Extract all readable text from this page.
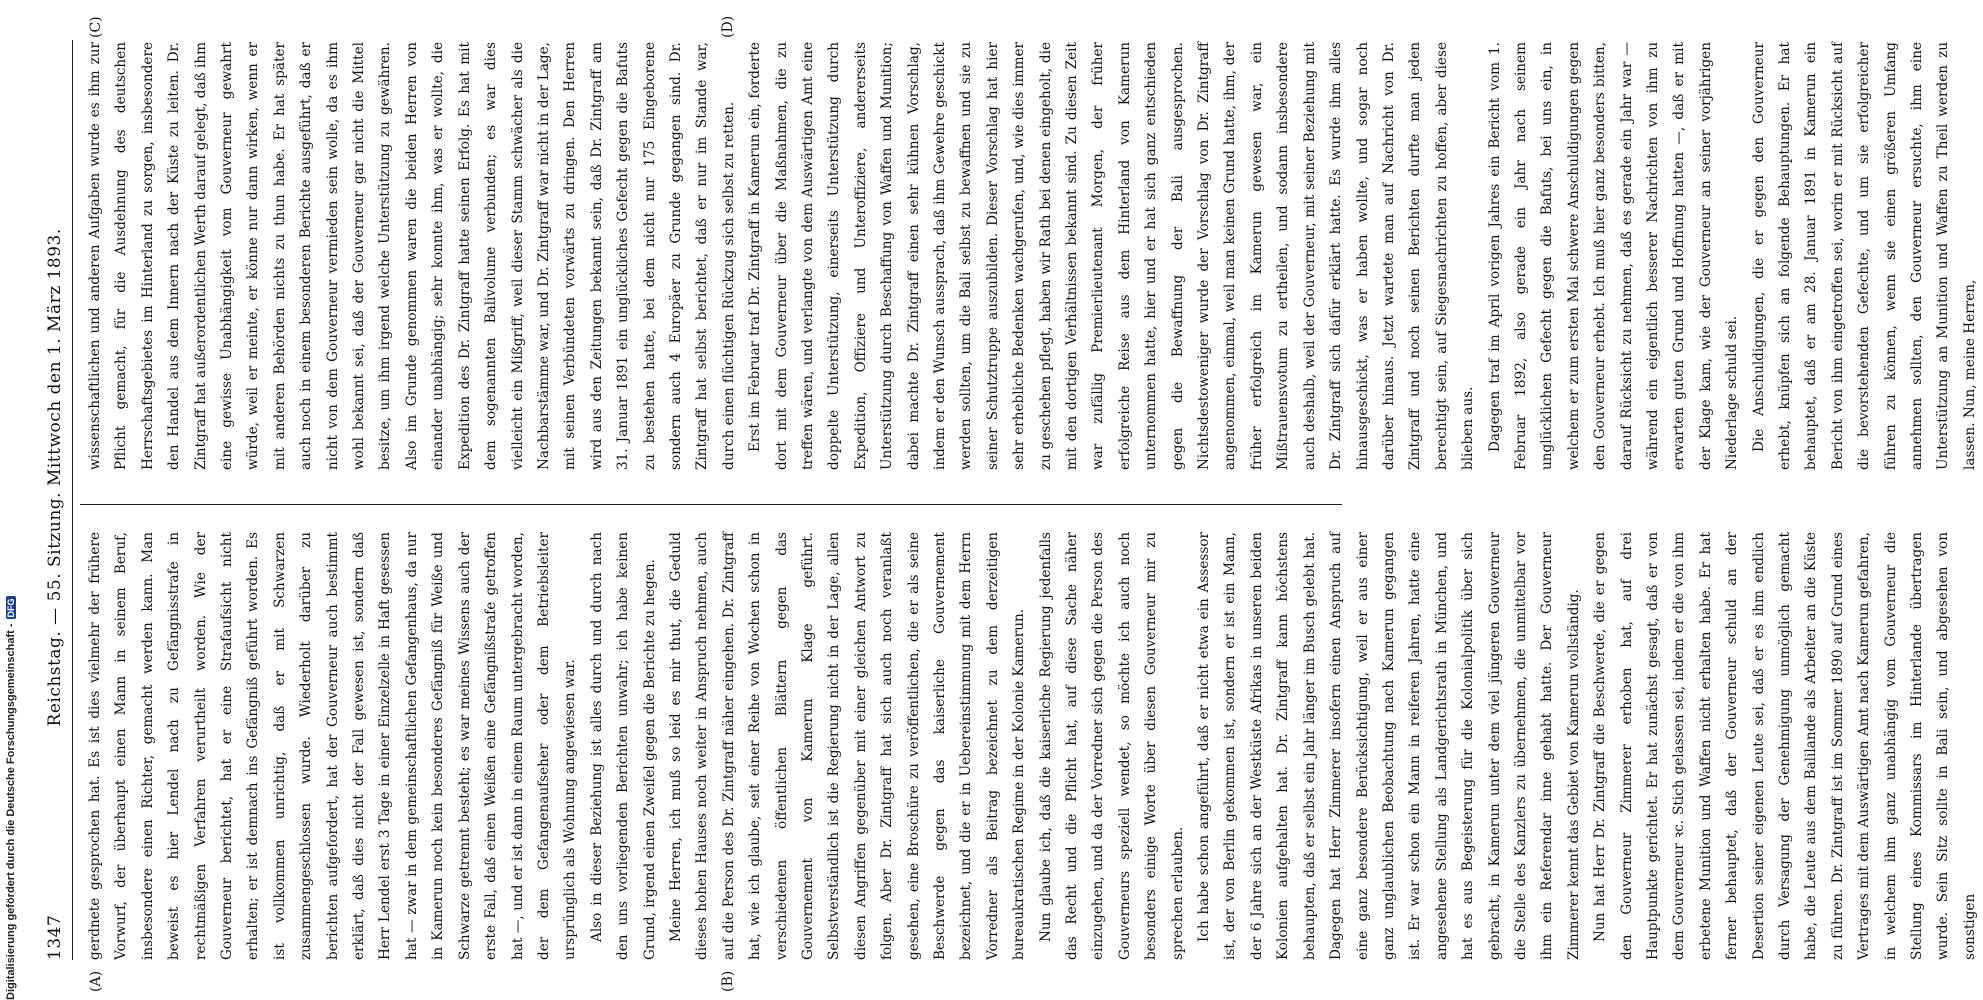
1347
Reichstag. — 55. Sitzung. Mittwoch den 1. März 1893.
(C)	(D)
(A)	(B)

gerdnete gesprochen hat. Es ist dies vielmehr der frühere Vorwurf, der überhaupt einen Mann in seinem Beruf, insbesondere einen Richter, gemacht werden kann. Man beweist es hier Lendel nach zu Gefängnisstrafe in rechtmäßigen Verfahren verurtheilt worden. Wie der Gouverneur berichtet, hat er eine Strafaufsicht nicht erhalten; er ist demnach ins Gefängniß geführt worden. Es ist vollkommen unrichtig, daß er mit Schwarzen zusammengeschlossen wurde. Wiederholt darüber zu berichten aufgefordert, hat der Gouverneur auch bestimmt erklärt, daß dies nicht der Fall gewesen ist, sondern daß Herr Lendel erst 3 Tage in einer Einzelzelle in Haft gesessen hat — zwar in dem gemeinschaftlichen Gefangenhaus, da nur in Kamerun noch kein besonderes Gefängniß für Weiße und Schwarze getrennt besteht; es war meines Wissens auch der erste Fall, daß einen Weißen eine Gefängnißstrafe getroffen hat —, und er ist dann in einem Raum untergebracht worden, der dem Gefangenaufseher oder dem Betriebsleiter ursprünglich als Wohnung angewiesen war. Also in dieser Beziehung ist alles durch und durch nach den uns vorliegenden Berichten unwahr; ich habe keinen Grund, irgend einen Zweifel gegen die Berichte zu hegen. Meine Herren, ich muß so leid es mir thut, die Geduld dieses hohen Hauses noch weiter in Anspruch nehmen, auch auf die Person des Dr. Zintgraff näher eingehen. Dr. Zintgraff hat, wie ich glaube, seit einer Reihe von Wochen schon in verschiedenen öffentlichen Blättern gegen das Gouvernement von Kamerun Klage geführt. Selbstverständlich ist die Regierung nicht in der Lage, allen diesen Angriffen gegenüber mit einer gleichen Antwort zu folgen. Aber Dr. Zintgraff hat sich auch noch veranlaßt gesehen, eine Broschüre zu veröffentlichen, die er als seine Beschwerde gegen das kaiserliche Gouvernement bezeichnet, und die er in Uebereinstimmung mit dem Herrn Vorredner als Beitrag bezeichnet zu dem derzeitigen bureaukratischen Regime in der Kolonie Kamerun. Nun glaube ich, daß die kaiserliche Regierung jedenfalls das Recht und die Pflicht hat, auf diese Sache näher einzugehen, und da der Vorredner sich gegen die Person des Gouverneurs speziell wendet, so möchte ich auch noch besonders einige Worte über diesen Gouverneur mir zu sprechen erlauben. Ich habe schon angeführt, daß er nicht etwa ein Assessor ist, der von Berlin gekommen ist, sondern er ist ein Mann, der 6 Jahre sich an der Westküste Afrikas in unseren beiden Kolonien aufgehalten hat. Dr. Zintgraff kann höchstens behaupten, daß er selbst ein Jahr länger im Busch gelebt hat. Dagegen hat Herr Zimmerer insofern einen Anspruch auf eine ganz besondere Berücksichtigung, weil er aus einer ganz unglaublichen Beobachtung nach Kamerun gegangen ist. Er war schon ein Mann in reiferen Jahren, hatte eine angesehene Stellung als Landgerichtsrath in München, und hat es aus Begeisterung für die Kolonialpolitik über sich gebracht, in Kamerun unter dem viel jüngeren Gouverneur die Stelle des Kanzlers zu übernehmen, die unmittelbar vor ihm ein Referendar inne gehabt hatte. Der Gouverneur Zimmerer kennt das Gebiet von Kamerun vollständig. Nun hat Herr Dr. Zintgraff die Beschwerde, die er gegen den Gouverneur Zimmerer erhoben hat, auf drei Hauptpunkte gerichtet. Er hat zunächst gesagt, daß er von dem Gouverneur ꝛc. Stich gelassen sei, indem er die von ihm erbetene Munition und Waffen nicht erhalten habe. Er hat ferner behauptet, daß der Gouverneur schuld an der Desertion seiner eigenen Leute sei, daß er es ihm endlich durch Versagung der Genehmigung unmöglich gemacht habe, die Leute aus dem Balilande als Arbeiter an die Küste zu führen. Dr. Zintgraff ist im Sommer 1890 auf Grund eines Vertrages mit dem Auswärtigen Amt nach Kamerun gefahren, in welchem ihm ganz unabhängig vom Gouverneur die Stellung eines Kommissars im Hinterlande übertragen wurde. Sein Sitz sollte in Bali sein, und abgesehen von sonstigen

wissenschaftlichen und anderen Aufgaben wurde es ihm zur Pflicht gemacht, für die Ausdehnung des deutschen Herrschaftsgebietes im Hinterland zu sorgen, insbesondere den Handel aus dem Innern nach der Küste zu leiten. Dr. Zintgraff hat außerordentlichen Werth darauf gelegt, daß ihm eine gewisse Unabhängigkeit vom Gouverneur gewahrt würde, weil er meinte, er könne nur dann wirken, wenn er mit anderen Behörden nichts zu thun habe. Er hat später auch noch in einem besonderen Berichte ausgeführt, daß er nicht von dem Gouverneur vermieden sein wolle, da es ihm wohl bekannt sei, daß der Gouverneur gar nicht die Mittel besitze, um ihm irgend welche Unterstützung zu gewähren. Also im Grunde genommen waren die beiden Herren von einander unabhängig; sehr konnte ihm, was er wollte, die Expedition des Dr. Zintgraff hatte seinen Erfolg. Es hat mit dem sogenannten Balivolume verbunden; es war dies vielleicht ein Mißgriff, weil dieser Stamm schwächer als die Nachbarstämme war, und Dr. Zintgraff war nicht in der Lage, mit seinen Verbündeten vorwärts zu dringen. Den Herren wird aus den Zeitungen bekannt sein, daß Dr. Zintgraff am 31. Januar 1891 ein unglückliches Gefecht gegen die Bafuts zu bestehen hatte, bei dem nicht nur 175 Eingeborene sondern auch 4 Europäer zu Grunde gegangen sind. Dr. Zintgraff hat selbst berichtet, daß er nur im Stande war, durch einen flüchtigen Rückzug sich selbst zu retten. Erst im Februar traf Dr. Zintgraff in Kamerun ein, forderte dort mit dem Gouverneur über die Maßnahmen, die zu treffen wären, und verlangte von dem Auswärtigen Amt eine doppelte Unterstützung, einerseits Unterstützung durch Expedition, Offiziere und Unteroffiziere, andererseits Unterstützung durch Beschaffung von Waffen und Munition; dabei machte Dr. Zintgraff einen sehr kühnen Vorschlag, indem er den Wunsch aussprach, daß ihm Gewehre geschickt werden sollten, um die Bali selbst zu bewaffnen und sie zu seiner Schutztruppe auszubilden. Dieser Vorschlag hat hier sehr erhebliche Bedenken wachgerufen, und, wie dies immer zu geschehen pflegt, haben wir Rath bei denen eingeholt, die mit den dortigen Verhältnissen bekannt sind. Zu diesen Zeit war zufällig Premierlieutenant Morgen, der früher erfolgreiche Reise aus dem Hinterland von Kamerun unternommen hatte, hier und er hat sich ganz entschieden gegen die Bewaffnung der Bali ausgesprochen. Nichtsdestoweniger wurde der Vorschlag von Dr. Zintgraff angenommen, einmal, weil man keinen Grund hatte, ihm, der früher erfolgreich im Kamerun gewesen war, ein Mißtrauensvotum zu ertheilen, und sodann insbesondere auch deshalb, weil der Gouverneur, mit seiner Beziehung mit Dr. Zintgraff sich dafür erklärt hatte. Es wurde ihm alles hinausgeschickt, was er haben wollte, und sogar noch darüber hinaus. Jetzt wartete man auf Nachricht von Dr. Zintgraff und noch seinen Berichten durfte man jeden berechtigt sein, auf Siegesnachrichten zu hoffen, aber diese blieben aus. Dagegen traf im April vorigen Jahres ein Bericht vom 1. Februar 1892, also gerade ein Jahr nach seinem unglücklichen Gefecht gegen die Bafuts, bei uns ein, in welchem er zum ersten Mal schwere Anschuldigungen gegen den Gouverneur erhebt. Ich muß hier ganz besonders bitten, darauf Rücksicht zu nehmen, daß es gerade ein Jahr war — während ein eigentlich besserer Nachrichten von ihm zu erwarten guten Grund und Hoffnung hatten —, daß er mit der Klage kam, wie der Gouverneur an seiner vorjährigen Niederlage schuld sei. Die Anschuldigungen, die er gegen den Gouverneur erhebt, knüpfen sich an folgende Behauptungen. Er hat behauptet, daß er am 28. Januar 1891 in Kamerun ein Bericht von ihm eingetroffen sei, worin er mit Rücksicht auf die bevorstehenden Gefechte, und um sie erfolgreicher führen zu können, wenn sie einen größeren Umfang annehmen sollten, den Gouverneur ersuchte, ihm eine Unterstützung an Munition und Waffen zu Theil werden zu lassen. Nun, meine Herren,

Digitalisierung gefördert durch die Deutsche Forschungsgemeinschaft -
DFG
